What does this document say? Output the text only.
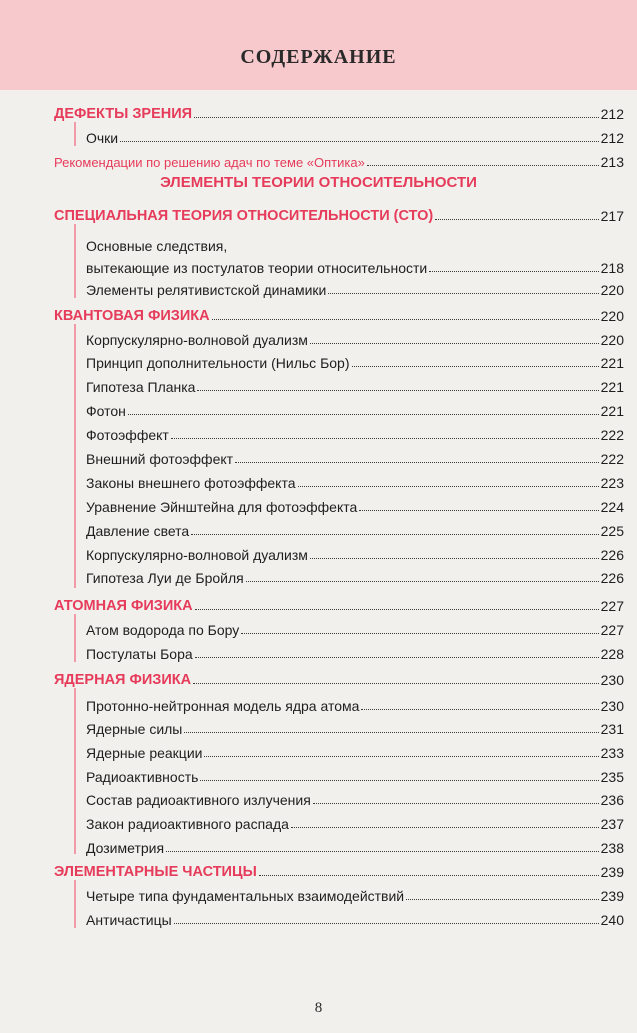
СОДЕРЖАНИЕ
ДЕФЕКТЫ ЗРЕНИЯ	212
Очки	212
Рекомендации по решению адач по теме «Оптика»	213
ЭЛЕМЕНТЫ ТЕОРИИ ОТНОСИТЕЛЬНОСТИ
СПЕЦИАЛЬНАЯ ТЕОРИЯ ОТНОСИТЕЛЬНОСТИ (СТО)	217
Основные следствия,
вытекающие из постулатов теории относительности	218
Элементы релятивистской динамики	220
КВАНТОВАЯ ФИЗИКА	220
Корпускулярно-волновой дуализм	220
Принцип дополнительности (Нильс Бор)	221
Гипотеза Планка	221
Фотон	221
Фотоэффект	222
Внешний фотоэффект	222
Законы внешнего фотоэффекта	223
Уравнение Эйнштейна для фотоэффекта	224
Давление света	225
Корпускулярно-волновой дуализм	226
Гипотеза Луи де Бройля	226
АТОМНАЯ ФИЗИКА	227
Атом водорода по Бору	227
Постулаты Бора	228
ЯДЕРНАЯ ФИЗИКА	230
Протонно-нейтронная модель ядра атома	230
Ядерные силы	231
Ядерные реакции	233
Радиоактивность	235
Состав радиоактивного излучения	236
Закон радиоактивного распада	237
Дозиметрия	238
ЭЛЕМЕНТАРНЫЕ ЧАСТИЦЫ	239
Четыре типа фундаментальных взаимодействий	239
Античастицы	240
8
